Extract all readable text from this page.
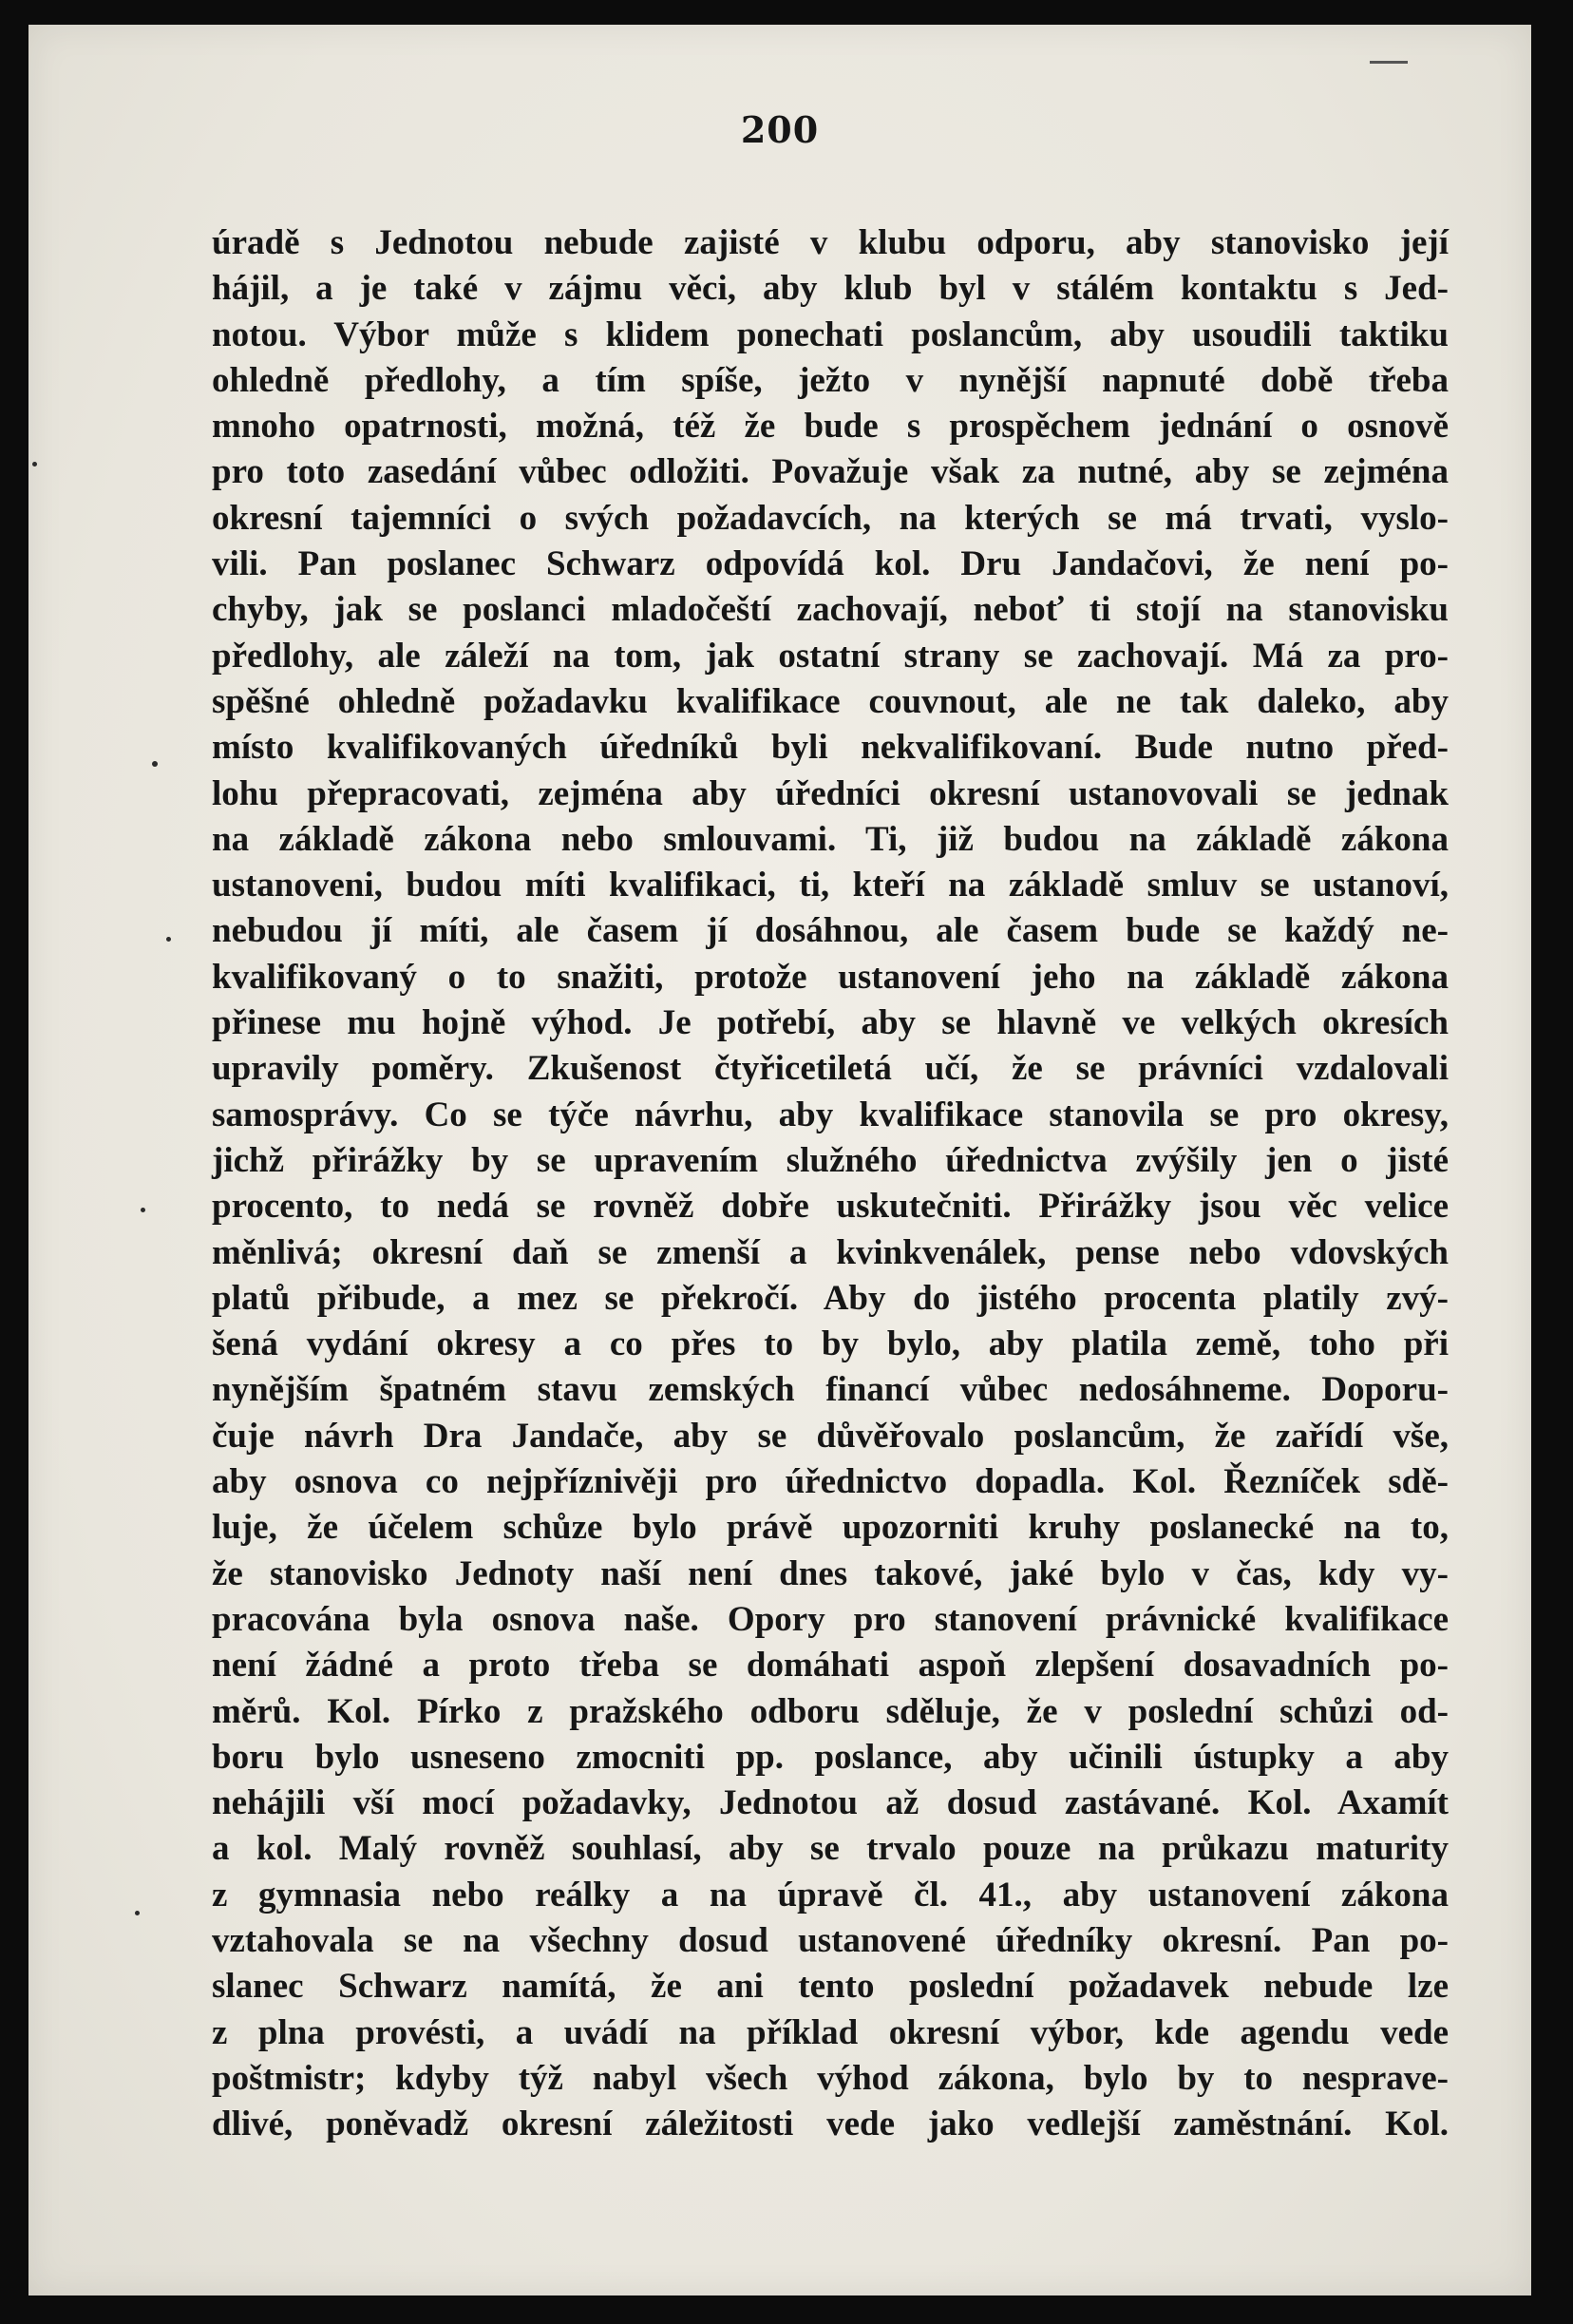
200
úradě s Jednotou nebude zajisté v klubu odporu, aby stanovisko její
hájil, a je také v zájmu věci, aby klub byl v stálém kontaktu s Jed-
notou. Výbor může s klidem ponechati poslancům, aby usoudili taktiku
ohledně předlohy, a tím spíše, ježto v nynější napnuté době třeba
mnoho opatrnosti, možná, též že bude s prospěchem jednání o osnově
pro toto zasedání vůbec odložiti. Považuje však za nutné, aby se zejména
okresní tajemníci o svých požadavcích, na kterých se má trvati, vyslo-
vili. Pan poslanec Schwarz odpovídá kol. Dru Jandačovi, že není po-
chyby, jak se poslanci mladočeští zachovají, neboť ti stojí na stanovisku
předlohy, ale záleží na tom, jak ostatní strany se zachovají. Má za pro-
spěšné ohledně požadavku kvalifikace couvnout, ale ne tak daleko, aby
místo kvalifikovaných úředníků byli nekvalifikovaní. Bude nutno před-
lohu přepracovati, zejména aby úředníci okresní ustanovovali se jednak
na základě zákona nebo smlouvami. Ti, již budou na základě zákona
ustanoveni, budou míti kvalifikaci, ti, kteří na základě smluv se ustanoví,
nebudou jí míti, ale časem jí dosáhnou, ale časem bude se každý ne-
kvalifikovaný o to snažiti, protože ustanovení jeho na základě zákona
přinese mu hojně výhod. Je potřebí, aby se hlavně ve velkých okresích
upravily poměry. Zkušenost čtyřicetiletá učí, že se právníci vzdalovali
samosprávy. Co se týče návrhu, aby kvalifikace stanovila se pro okresy,
jichž přirážky by se upravením služného úřednictva zvýšily jen o jisté
procento, to nedá se rovněž dobře uskutečniti. Přirážky jsou věc velice
měnlivá; okresní daň se zmenší a kvinkvenálek, pense nebo vdovských
platů přibude, a mez se překročí. Aby do jistého procenta platily zvý-
šená vydání okresy a co přes to by bylo, aby platila země, toho při
nynějším špatném stavu zemských financí vůbec nedosáhneme. Doporu-
čuje návrh Dra Jandače, aby se důvěřovalo poslancům, že zařídí vše,
aby osnova co nejpříznivěji pro úřednictvo dopadla. Kol. Řezníček sdě-
luje, že účelem schůze bylo právě upozorniti kruhy poslanecké na to,
že stanovisko Jednoty naší není dnes takové, jaké bylo v čas, kdy vy-
pracována byla osnova naše. Opory pro stanovení právnické kvalifikace
není žádné a proto třeba se domáhati aspoň zlepšení dosavadních po-
měrů. Kol. Pírko z pražského odboru sděluje, že v poslední schůzi od-
boru bylo usneseno zmocniti pp. poslance, aby učinili ústupky a aby
nehájili vší mocí požadavky, Jednotou až dosud zastávané. Kol. Axamít
a kol. Malý rovněž souhlasí, aby se trvalo pouze na průkazu maturity
z gymnasia nebo reálky a na úpravě čl. 41., aby ustanovení zákona
vztahovala se na všechny dosud ustanovené úředníky okresní. Pan po-
slanec Schwarz namítá, že ani tento poslední požadavek nebude lze
z plna provésti, a uvádí na příklad okresní výbor, kde agendu vede
poštmistr; kdyby týž nabyl všech výhod zákona, bylo by to nesprave-
dlivé, poněvadž okresní záležitosti vede jako vedlejší zaměstnání. Kol.
